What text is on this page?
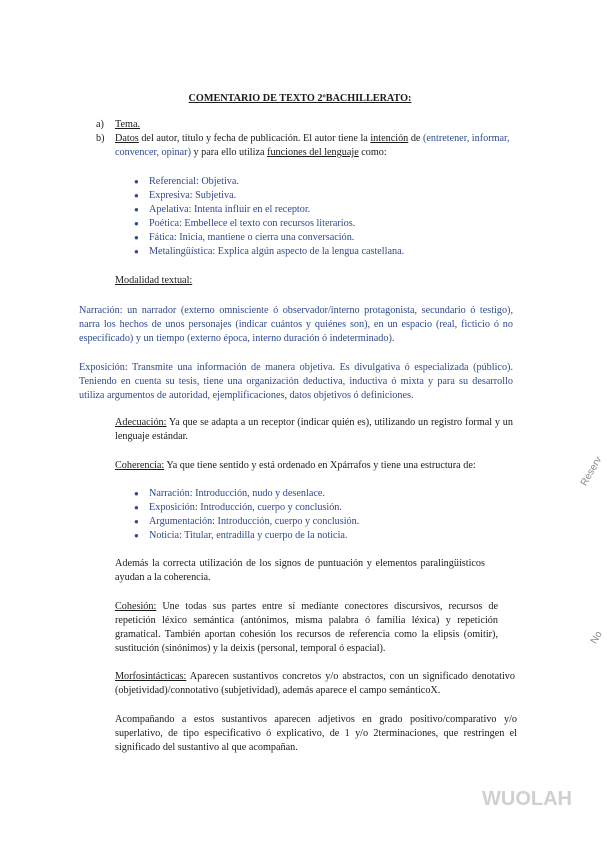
COMENTARIO DE TEXTO 2ºBACHILLERATO:
a)	Tema.
b)	Datos del autor, título y fecha de publicación. El autor tiene la intención de (entretener, informar, convencer, opinar) y para ello utiliza funciones del lenguaje como:
● Referencial: Objetiva.
● Expresiva: Subjetiva.
● Apelativa: Intenta influir en el receptor.
● Poética: Embellece el texto con recursos literarios.
● Fática: Inicia, mantiene o cierra una conversación.
● Metalingüística: Explica algún aspecto de la lengua castellana.
Modalidad textual:
Narración: un narrador (externo omnisciente ó observador/interno protagonista, secundario ó testigo), narra los hechos de unos personajes (indicar cuántos y quiénes son), en un espacio (real, ficticio ó no especificado) y un tiempo (externo época, interno duración ó indeterminado).
Exposición: Transmite una información de manera objetiva. Es divulgativa ó especializada (público). Teniendo en cuenta su tesis, tiene una organización deductiva, inductiva ó mixta y para su desarrollo utiliza argumentos de autoridad, ejemplificaciones, datos objetivos ó definiciones.
Adecuación: Ya que se adapta a un receptor (indicar quién es), utilizando un registro formal y un lenguaje estándar.
Coherencia: Ya que tiene sentido y está ordenado en Xpárrafos y tiene una estructura de:
● Narración: Introducción, nudo y desenlace.
● Exposición: Introducción, cuerpo y conclusión.
● Argumentación: Introducción, cuerpo y conclusión.
● Noticia: Titular, entradilla y cuerpo de la noticia.
Además la correcta utilización de los signos de puntuación y elementos paralingüísticos ayudan a la coherencia.
Cohesión: Une todas sus partes entre sí mediante conectores discursivos, recursos de repetición léxico semántica (antónimos, misma palabra ó familia léxica) y repetición gramatical. También aportan cohesión los recursos de referencia como la elipsis (omitir), sustitución (sinónimos) y la deixis (personal, temporal ó espacial).
Morfosintácticas: Aparecen sustantivos concretos y/o abstractos, con un significado denotativo (objetividad)/connotativo (subjetividad), además aparece el campo semánticoX.
Acompañando a estos sustantivos aparecen adjetivos en grado positivo/comparativo y/o superlativo, de tipo especificativo ó explicativo, de 1 y/o 2terminaciones, que restringen el significado del sustantivo al que acompañan.
Reserv
No
WUOLAH
